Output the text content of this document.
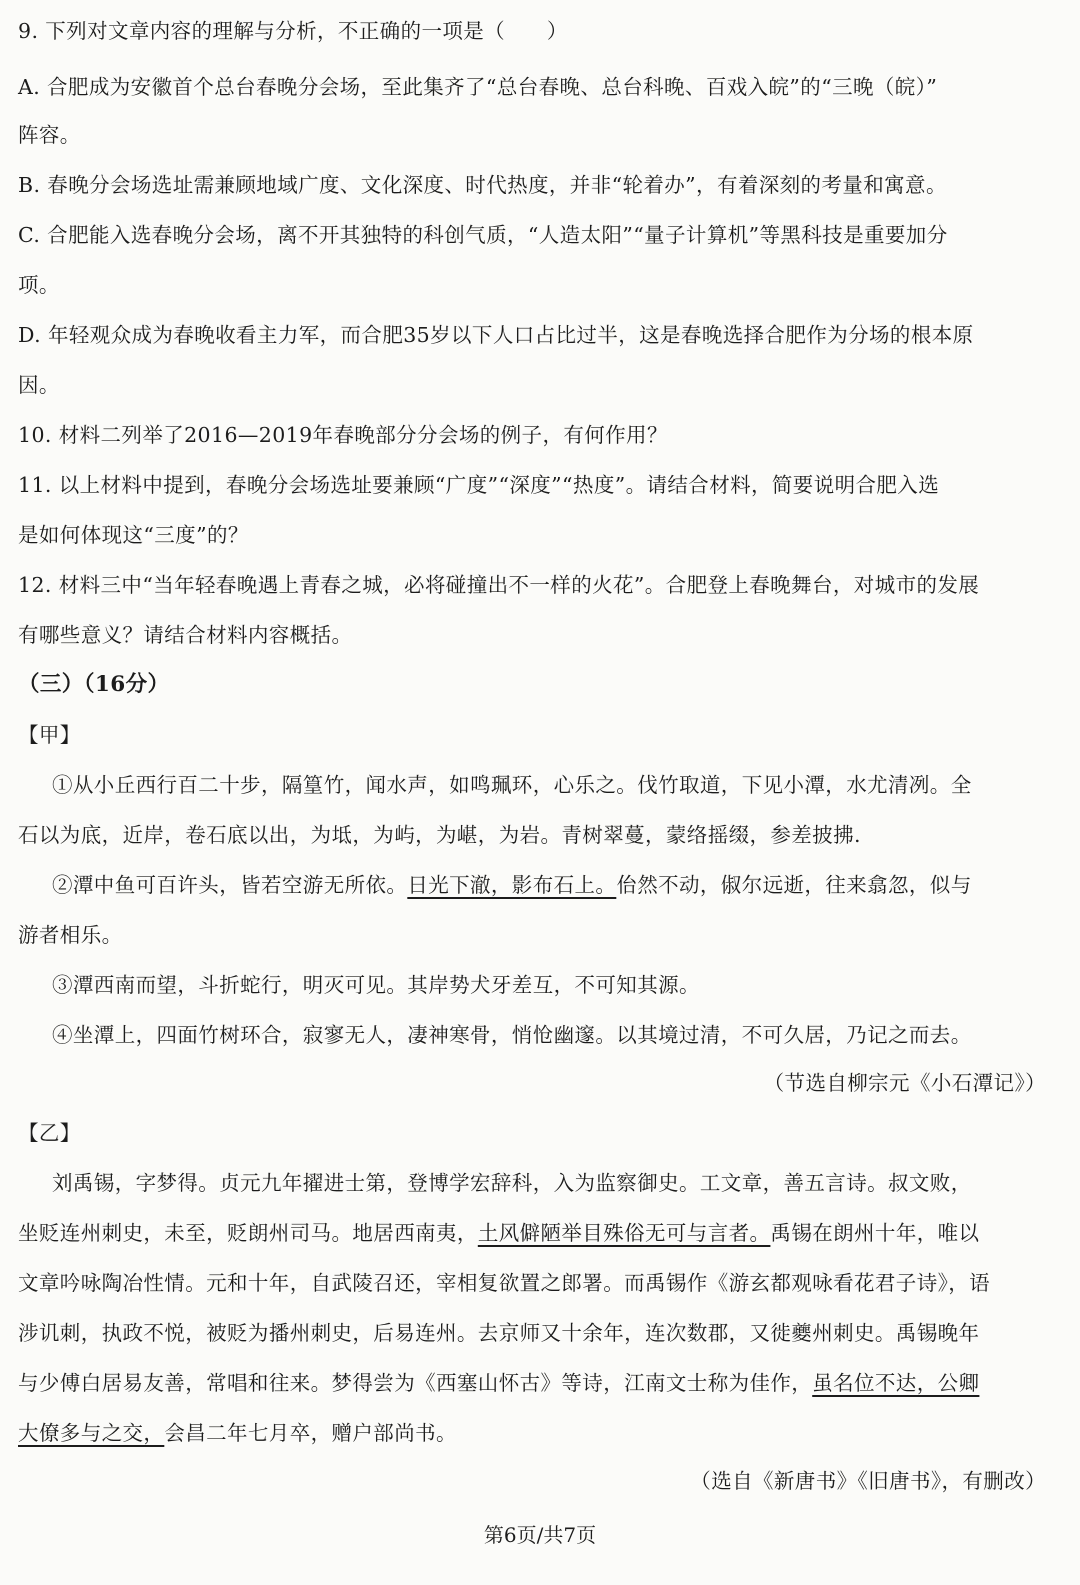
9. 下列对文章内容的理解与分析，不正确的一项是（　　）
A. 合肥成为安徽首个总台春晚分会场，至此集齐了“总台春晚、总台科晚、百戏入皖”的“三晚（皖）”
阵容。
B. 春晚分会场选址需兼顾地域广度、文化深度、时代热度，并非“轮着办”，有着深刻的考量和寓意。
C. 合肥能入选春晚分会场，离不开其独特的科创气质，“人造太阳”“量子计算机”等黑科技是重要加分
项。
D. 年轻观众成为春晚收看主力军，而合肥35岁以下人口占比过半，这是春晚选择合肥作为分场的根本原
因。
10. 材料二列举了2016—2019年春晚部分分会场的例子，有何作用？
11. 以上材料中提到，春晚分会场选址要兼顾“广度”“深度”“热度”。请结合材料，简要说明合肥入选
是如何体现这“三度”的？
12. 材料三中“当年轻春晚遇上青春之城，必将碰撞出不一样的火花”。合肥登上春晚舞台，对城市的发展
有哪些意义？请结合材料内容概括。
（三）（16分）
【甲】
①从小丘西行百二十步，隔篁竹，闻水声，如鸣珮环，心乐之。伐竹取道，下见小潭，水尤清冽。全
石以为底，近岸，卷石底以出，为坻，为屿，为嵁，为岩。青树翠蔓，蒙络摇缀，参差披拂.
②潭中鱼可百许头，皆若空游无所依。日光下澈，影布石上。佁然不动，俶尔远逝，往来翕忽，似与
游者相乐。
③潭西南而望，斗折蛇行，明灭可见。其岸势犬牙差互，不可知其源。
④坐潭上，四面竹树环合，寂寥无人，凄神寒骨，悄怆幽邃。以其境过清，不可久居，乃记之而去。
（节选自柳宗元《小石潭记》）
【乙】
刘禹锡，字梦得。贞元九年擢进士第，登博学宏辞科，入为监察御史。工文章，善五言诗。叔文败，
坐贬连州刺史，未至，贬朗州司马。地居西南夷，土风僻陋举目殊俗无可与言者。禹锡在朗州十年，唯以
文章吟咏陶冶性情。元和十年，自武陵召还，宰相复欲置之郎署。而禹锡作《游玄都观咏看花君子诗》，语
涉讥刺，执政不悦，被贬为播州刺史，后易连州。去京师又十余年，连次数郡，又徙夔州刺史。禹锡晚年
与少傅白居易友善，常唱和往来。梦得尝为《西塞山怀古》等诗，江南文士称为佳作，虽名位不达，公卿
大僚多与之交，会昌二年七月卒，赠户部尚书。
（选自《新唐书》《旧唐书》，有删改）
第6页/共7页
